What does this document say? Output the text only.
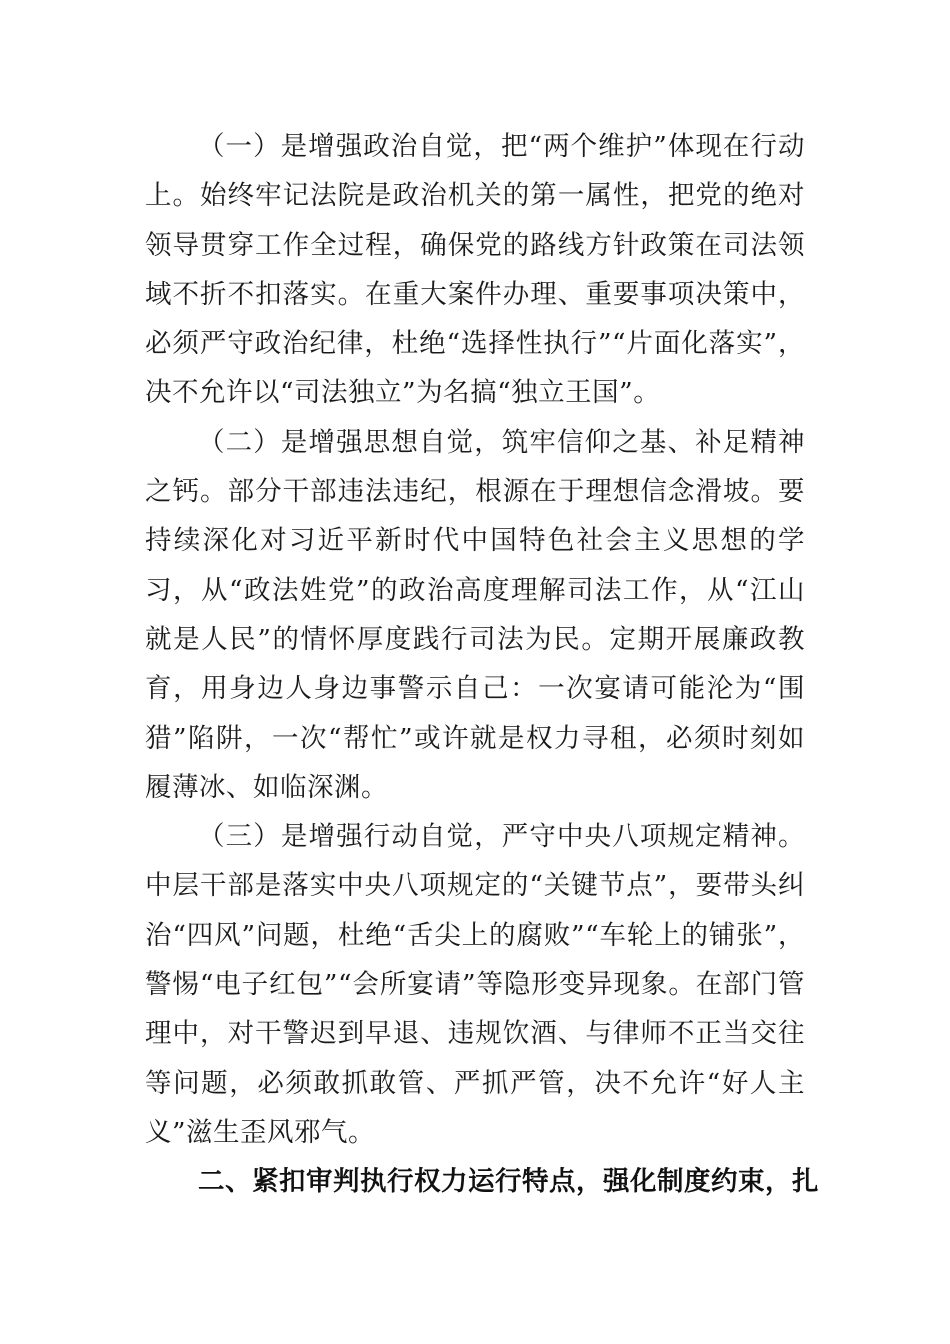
（一）是增强政治自觉，把“两个维护”体现在行动上。始终牢记法院是政治机关的第一属性，把党的绝对领导贯穿工作全过程，确保党的路线方针政策在司法领域不折不扣落实。在重大案件办理、重要事项决策中，必须严守政治纪律，杜绝“选择性执行”“片面化落实”，决不允许以“司法独立”为名搞“独立王国”。

（二）是增强思想自觉，筑牢信仰之基、补足精神之钙。部分干部违法违纪，根源在于理想信念滑坡。要持续深化对习近平新时代中国特色社会主义思想的学习，从“政法姓党”的政治高度理解司法工作，从“江山就是人民”的情怀厚度践行司法为民。定期开展廉政教育，用身边人身边事警示自己：一次宴请可能沦为“围猎”陷阱，一次“帮忙”或许就是权力寻租，必须时刻如履薄冰、如临深渊。

（三）是增强行动自觉，严守中央八项规定精神。中层干部是落实中央八项规定的“关键节点”，要带头纠治“四风”问题，杜绝“舌尖上的腐败”“车轮上的铺张”，警惕“电子红包”“会所宴请”等隐形变异现象。在部门管理中，对干警迟到早退、违规饮酒、与律师不正当交往等问题，必须敢抓敢管、严抓严管，决不允许“好人主义”滋生歪风邪气。

二、紧扣审判执行权力运行特点，强化制度约束，扎
